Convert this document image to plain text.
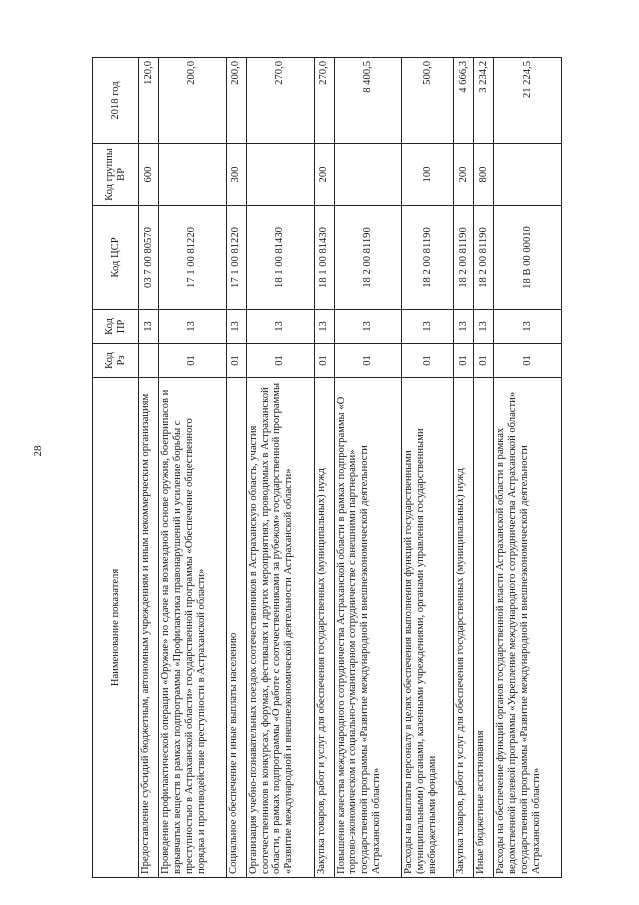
28
Наименование показателя	Код Рз	Код ПР	Код ЦСР	Код группы ВР	2018 год
Предоставление субсидий бюджетным, автономным учреждениям и иным некоммерческим организациям		13	03 7 00 80570	600	120,0
Проведение профилактической операции «Оружие» по сдаче на возмездной основе оружия, боеприпасов и взрывчатых веществ в рамках подпрограммы «Профилактика правонарушений и усиление борьбы с преступностью в Астраханской области» государственной программы «Обеспечение общественного порядка и противодействие преступности в Астраханской области»	01	13	17 1 00 81220		200,0
Социальное обеспечение и иные выплаты населению	01	13	17 1 00 81220	300	200,0
Организация учебно-познавательных поездок соотечественников в Астраханскую область, участия соотечественников в конкурсах, форумах, фестивалях и других мероприятиях, проводимых в Астраханской области, в рамках подпрограммы «О работе с соотечественниками за рубежом» государственной программы «Развитие международной и внешнеэкономической деятельности Астраханской области»	01	13	18 1 00 81430		270,0
Закупка товаров, работ и услуг для обеспечения государственных (муниципальных) нужд	01	13	18 1 00 81430	200	270,0
Повышение качества международного сотрудничества Астраханской области в рамках подпрограммы «О торгово-экономическом и социально-гуманитарном сотрудничестве с внешними партнерами» государственной программы «Развитие международной и внешнеэкономической деятельности Астраханской области»	01	13	18 2 00 81190		8 400,5
Расходы на выплаты персоналу в целях обеспечения выполнения функций государственными (муниципальными) органами, казенными учреждениями, органами управления государственными внебюджетными фондами	01	13	18 2 00 81190	100	500,0
Закупка товаров, работ и услуг для обеспечения государственных (муниципальных) нужд	01	13	18 2 00 81190	200	4 666,3
Иные бюджетные ассигнования	01	13	18 2 00 81190	800	3 234,2
Расходы на обеспечение функций органов государственной власти Астраханской области в рамках ведомственной целевой программы «Укрепление международного сотрудничества Астраханской области» государственной программы «Развитие международной и внешнеэкономической деятельности Астраханской области»	01	13	18 В 00 00010		21 224,5
